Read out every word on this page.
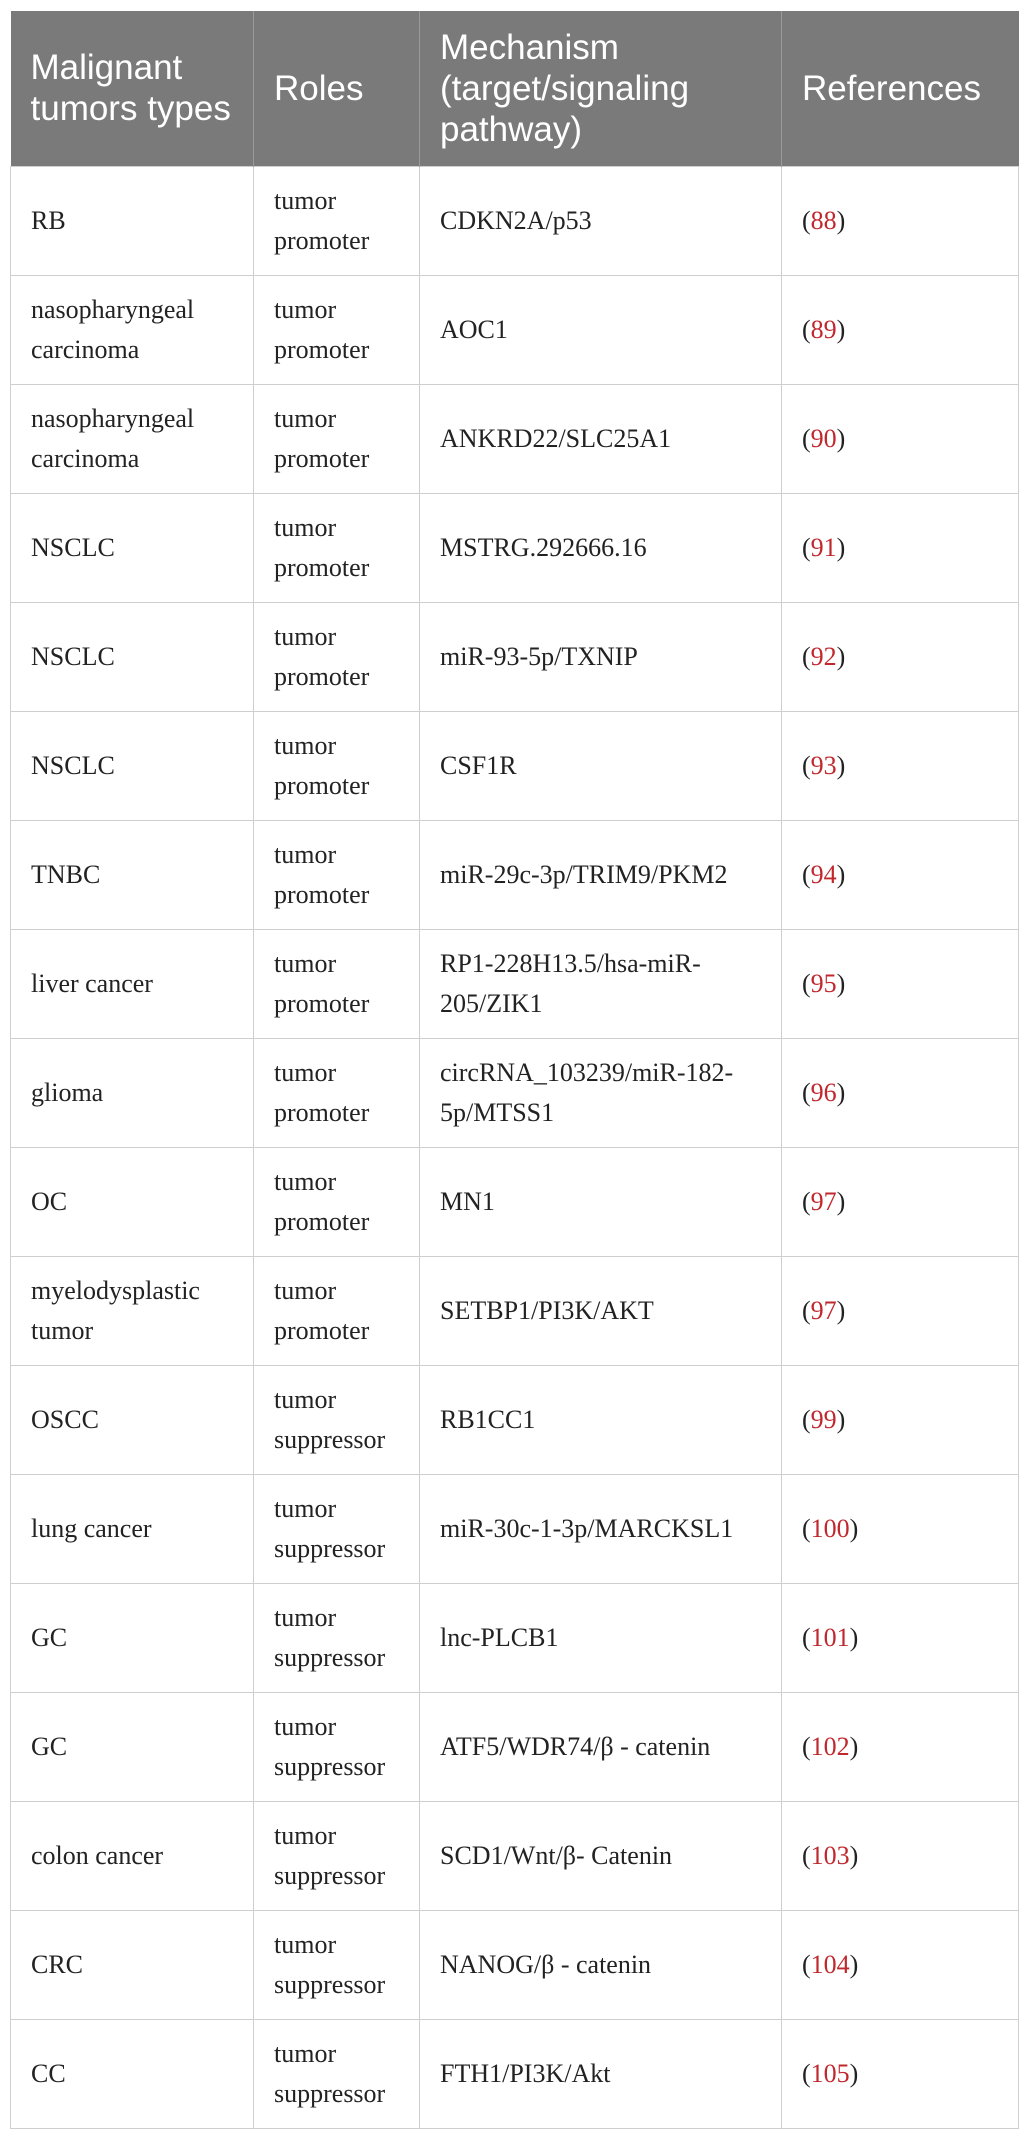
Malignant tumors types	Roles	Mechanism (target/signaling pathway)	References
RB	tumor promoter	CDKN2A/p53	(88)
nasopharyngeal carcinoma	tumor promoter	AOC1	(89)
nasopharyngeal carcinoma	tumor promoter	ANKRD22/SLC25A1	(90)
NSCLC	tumor promoter	MSTRG.292666.16	(91)
NSCLC	tumor promoter	miR-93-5p/TXNIP	(92)
NSCLC	tumor promoter	CSF1R	(93)
TNBC	tumor promoter	miR-29c-3p/TRIM9/PKM2	(94)
liver cancer	tumor promoter	RP1-228H13.5/hsa-miR-205/ZIK1	(95)
glioma	tumor promoter	circRNA_103239/miR-182-5p/MTSS1	(96)
OC	tumor promoter	MN1	(97)
myelodysplastic tumor	tumor promoter	SETBP1/PI3K/AKT	(97)
OSCC	tumor suppressor	RB1CC1	(99)
lung cancer	tumor suppressor	miR-30c-1-3p/MARCKSL1	(100)
GC	tumor suppressor	lnc-PLCB1	(101)
GC	tumor suppressor	ATF5/WDR74/β - catenin	(102)
colon cancer	tumor suppressor	SCD1/Wnt/β- Catenin	(103)
CRC	tumor suppressor	NANOG/β - catenin	(104)
CC	tumor suppressor	FTH1/PI3K/Akt	(105)
